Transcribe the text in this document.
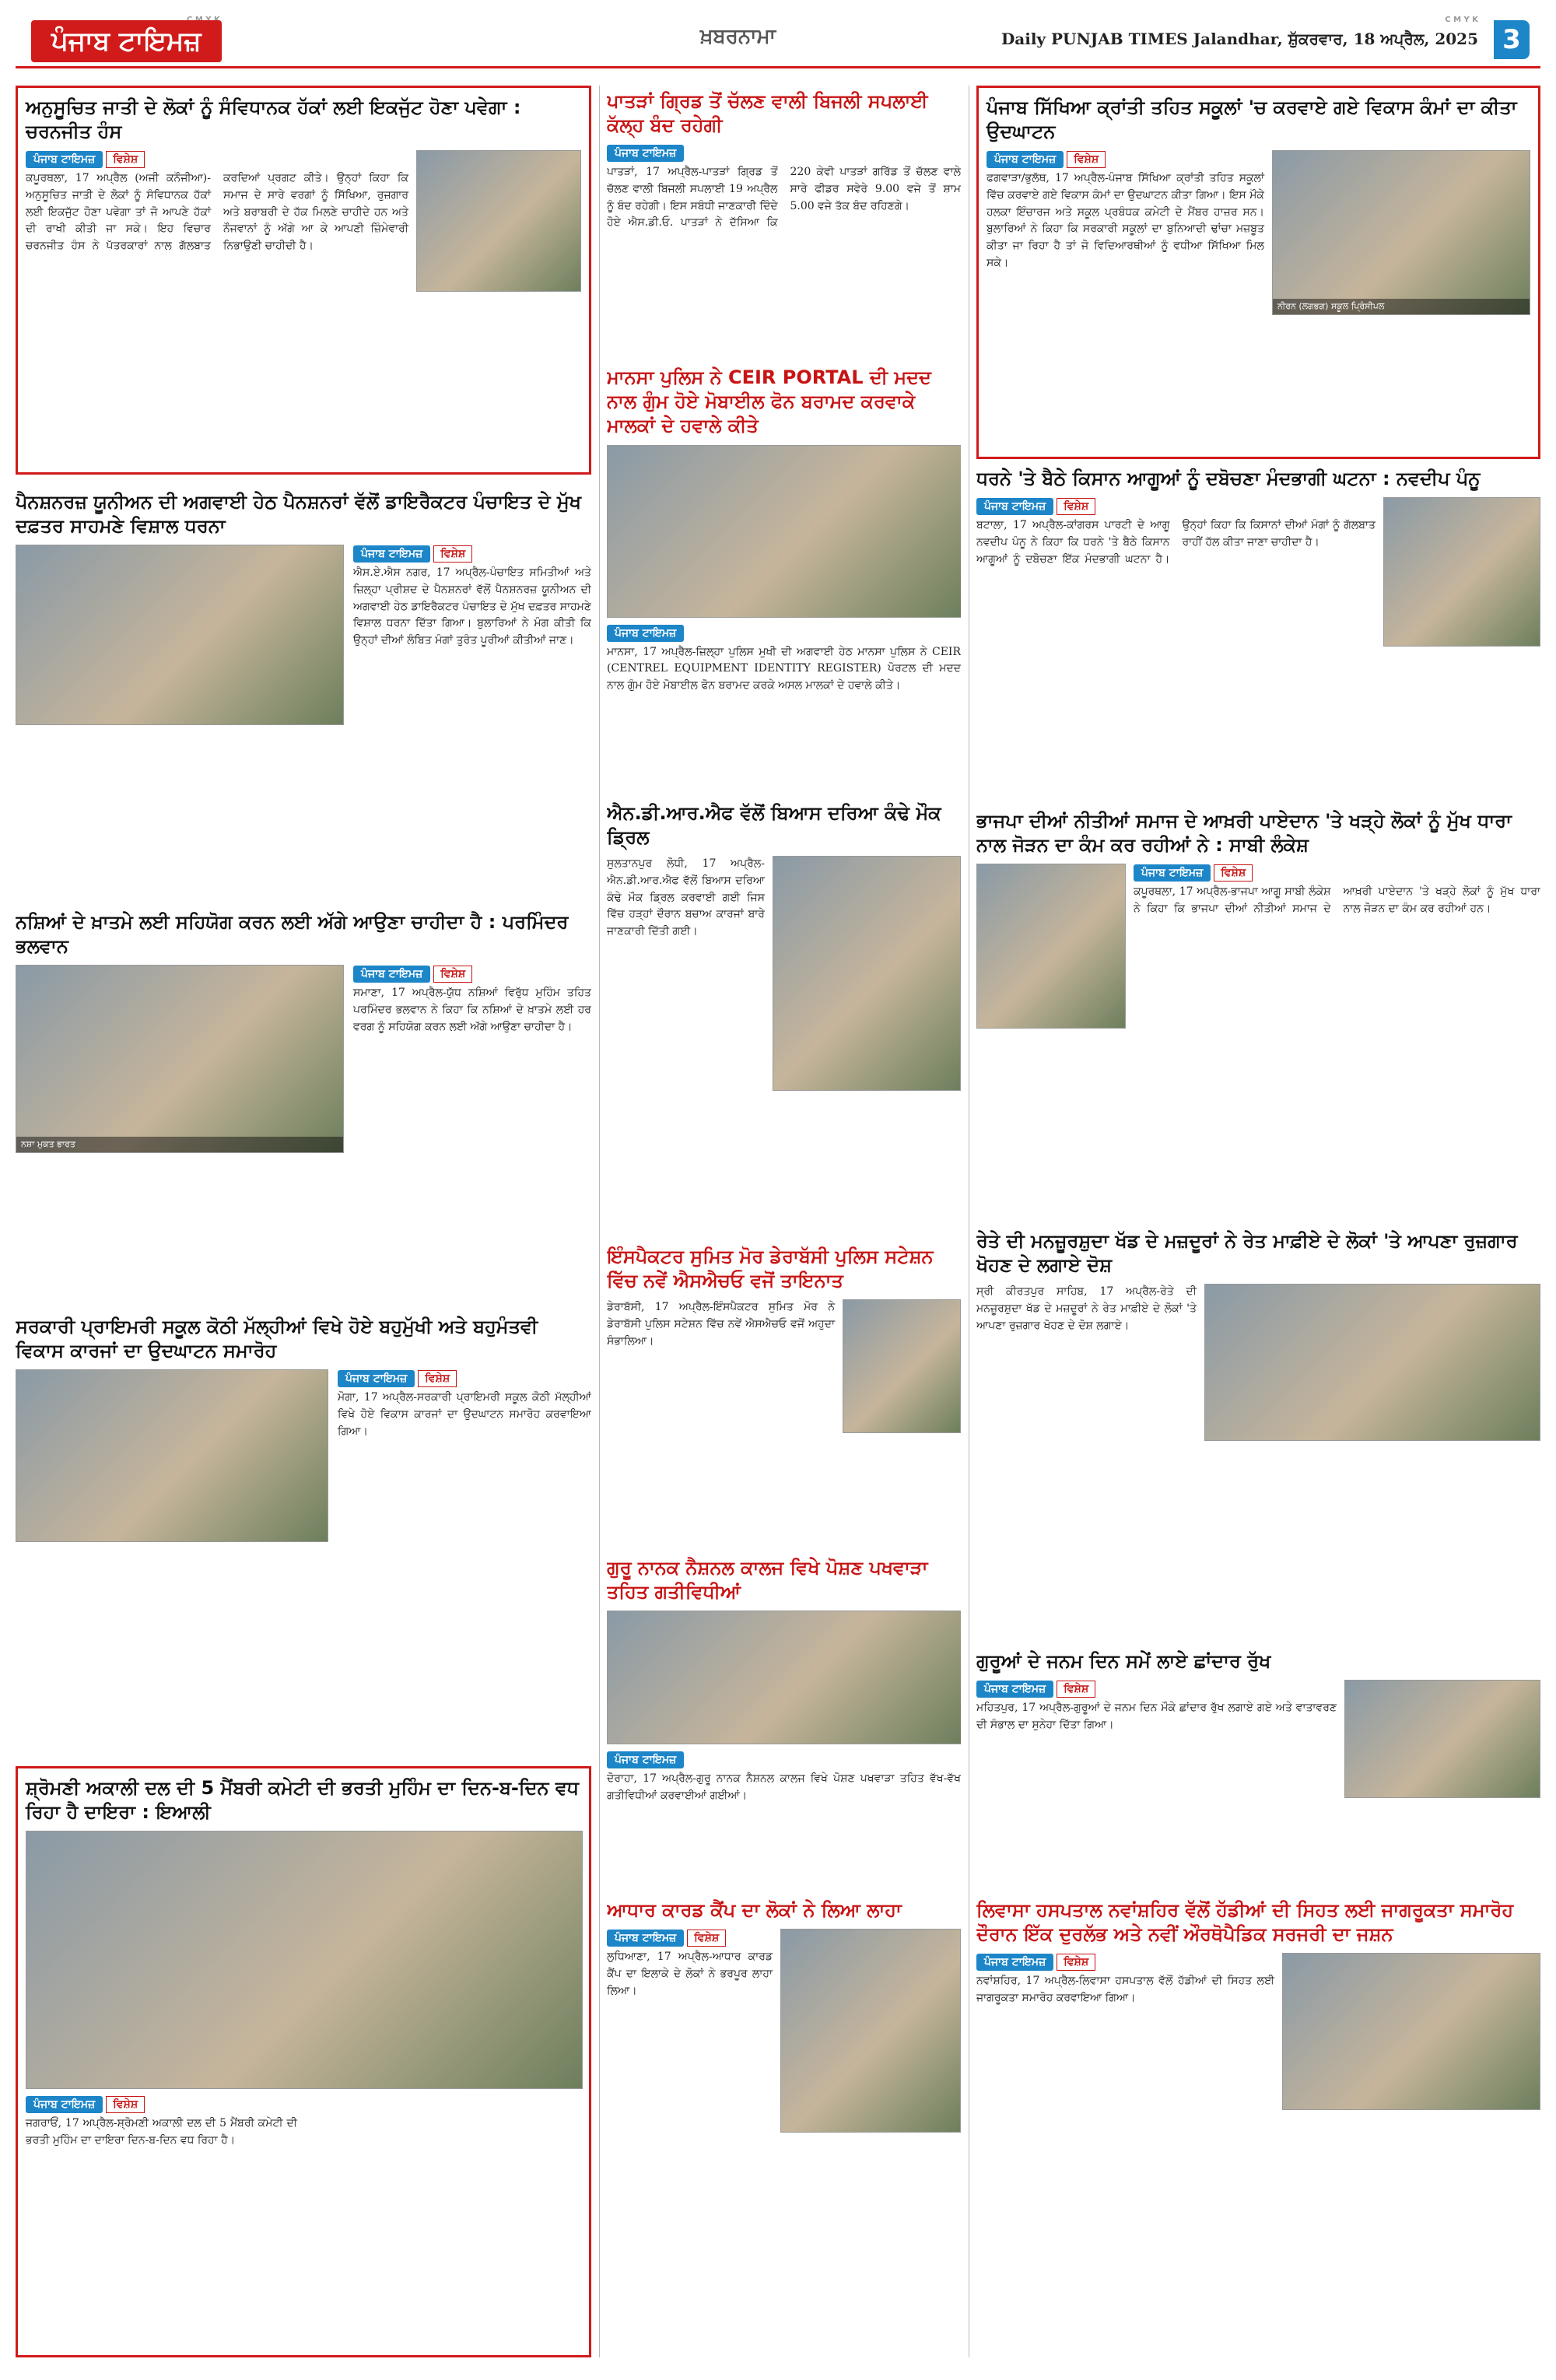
C M Y K
ਪੰਜਾਬ ਟਾਇਮਜ਼	ਖ਼ਬਰਨਾਮਾ	Daily PUNJAB TIMES Jalandhar, ਸ਼ੁੱਕਰਵਾਰ, 18 ਅਪ੍ਰੈਲ, 2025 3
ਅਨੁਸੂਚਿਤ ਜਾਤੀ ਦੇ ਲੋਕਾਂ ਨੂੰ ਸੰਵਿਧਾਨਕ ਹੱਕਾਂ ਲਈ ਇਕਜੁੱਟ ਹੋਣਾ ਪਵੇਗਾ : ਚਰਨਜੀਤ ਹੰਸ
ਪੰਜਾਬ ਟਾਇਮਜ਼ ਵਿਸ਼ੇਸ਼
ਕਪੂਰਥਲਾ, 17 ਅਪ੍ਰੈਲ (ਅਜੀ ਕਨੌਜੀਆ)-ਅਨੁਸੂਚਿਤ ਜਾਤੀ ਦੇ ਲੋਕਾਂ ਨੂੰ ਸੰਵਿਧਾਨਕ ਹੱਕਾਂ ਲਈ ਇਕਜੁੱਟ ਹੋਣਾ ਪਵੇਗਾ ਤਾਂ ਜੋ ਆਪਣੇ ਹੱਕਾਂ ਦੀ ਰਾਖੀ ਕੀਤੀ ਜਾ ਸਕੇ। ਇਹ ਵਿਚਾਰ ਚਰਨਜੀਤ ਹੰਸ ਨੇ ਪੱਤਰਕਾਰਾਂ ਨਾਲ ਗੱਲਬਾਤ ਕਰਦਿਆਂ ਪ੍ਰਗਟ ਕੀਤੇ। ਉਨ੍ਹਾਂ ਕਿਹਾ ਕਿ ਸਮਾਜ ਦੇ ਸਾਰੇ ਵਰਗਾਂ ਨੂੰ ਸਿੱਖਿਆ, ਰੁਜ਼ਗਾਰ ਅਤੇ ਬਰਾਬਰੀ ਦੇ ਹੱਕ ਮਿਲਣੇ ਚਾਹੀਦੇ ਹਨ ਅਤੇ ਨੌਜਵਾਨਾਂ ਨੂੰ ਅੱਗੇ ਆ ਕੇ ਆਪਣੀ ਜ਼ਿੰਮੇਵਾਰੀ ਨਿਭਾਉਣੀ ਚਾਹੀਦੀ ਹੈ।
ਪਾਤੜਾਂ ਗ੍ਰਿਡ ਤੋਂ ਚੱਲਣ ਵਾਲੀ ਬਿਜਲੀ ਸਪਲਾਈ ਕੱਲ੍ਹ ਬੰਦ ਰਹੇਗੀ
ਪੰਜਾਬ ਟਾਇਮਜ਼
ਪਾਤੜਾਂ, 17 ਅਪ੍ਰੈਲ-ਪਾਤੜਾਂ ਗ੍ਰਿਡ ਤੋਂ ਚੱਲਣ ਵਾਲੀ ਬਿਜਲੀ ਸਪਲਾਈ 19 ਅਪ੍ਰੈਲ ਨੂੰ ਬੰਦ ਰਹੇਗੀ। ਇਸ ਸਬੰਧੀ ਜਾਣਕਾਰੀ ਦਿੰਦੇ ਹੋਏ ਐਸ.ਡੀ.ਓ. ਪਾਤੜਾਂ ਨੇ ਦੱਸਿਆ ਕਿ 220 ਕੇਵੀ ਪਾਤੜਾਂ ਗਰਿੱਡ ਤੋਂ ਚੱਲਣ ਵਾਲੇ ਸਾਰੇ ਫੀਡਰ ਸਵੇਰੇ 9.00 ਵਜੇ ਤੋਂ ਸ਼ਾਮ 5.00 ਵਜੇ ਤੱਕ ਬੰਦ ਰਹਿਣਗੇ।
ਪੰਜਾਬ ਸਿੱਖਿਆ ਕ੍ਰਾਂਤੀ ਤਹਿਤ ਸਕੂਲਾਂ 'ਚ ਕਰਵਾਏ ਗਏ ਵਿਕਾਸ ਕੰਮਾਂ ਦਾ ਕੀਤਾ ਉਦਘਾਟਨ
ਪੰਜਾਬ ਟਾਇਮਜ਼ ਵਿਸ਼ੇਸ਼
ਨੀਰਨ (ਲਗਭਗ) ਸਕੂਲ ਪ੍ਰਿੰਸੀਪਲ
ਫਗਵਾੜਾ/ਭੁਲੱਥ, 17 ਅਪ੍ਰੈਲ-ਪੰਜਾਬ ਸਿੱਖਿਆ ਕ੍ਰਾਂਤੀ ਤਹਿਤ ਸਕੂਲਾਂ ਵਿੱਚ ਕਰਵਾਏ ਗਏ ਵਿਕਾਸ ਕੰਮਾਂ ਦਾ ਉਦਘਾਟਨ ਕੀਤਾ ਗਿਆ। ਇਸ ਮੌਕੇ ਹਲਕਾ ਇੰਚਾਰਜ ਅਤੇ ਸਕੂਲ ਪ੍ਰਬੰਧਕ ਕਮੇਟੀ ਦੇ ਮੈਂਬਰ ਹਾਜ਼ਰ ਸਨ। ਬੁਲਾਰਿਆਂ ਨੇ ਕਿਹਾ ਕਿ ਸਰਕਾਰੀ ਸਕੂਲਾਂ ਦਾ ਬੁਨਿਆਦੀ ਢਾਂਚਾ ਮਜ਼ਬੂਤ ਕੀਤਾ ਜਾ ਰਿਹਾ ਹੈ ਤਾਂ ਜੋ ਵਿਦਿਆਰਥੀਆਂ ਨੂੰ ਵਧੀਆ ਸਿੱਖਿਆ ਮਿਲ ਸਕੇ।
ਪੈਨਸ਼ਨਰਜ਼ ਯੂਨੀਅਨ ਦੀ ਅਗਵਾਈ ਹੇਠ ਪੈਨਸ਼ਨਰਾਂ ਵੱਲੋਂ ਡਾਇਰੈਕਟਰ ਪੰਚਾਇਤ ਦੇ ਮੁੱਖ ਦਫ਼ਤਰ ਸਾਹਮਣੇ ਵਿਸ਼ਾਲ ਧਰਨਾ
ਪੰਜਾਬ ਟਾਇਮਜ਼ ਵਿਸ਼ੇਸ਼
ਐਸ.ਏ.ਐਸ ਨਗਰ, 17 ਅਪ੍ਰੈਲ-ਪੰਚਾਇਤ ਸਮਿਤੀਆਂ ਅਤੇ ਜ਼ਿਲ੍ਹਾ ਪ੍ਰੀਸ਼ਦ ਦੇ ਪੈਨਸ਼ਨਰਾਂ ਵੱਲੋਂ ਪੈਨਸ਼ਨਰਜ਼ ਯੂਨੀਅਨ ਦੀ ਅਗਵਾਈ ਹੇਠ ਡਾਇਰੈਕਟਰ ਪੰਚਾਇਤ ਦੇ ਮੁੱਖ ਦਫ਼ਤਰ ਸਾਹਮਣੇ ਵਿਸ਼ਾਲ ਧਰਨਾ ਦਿੱਤਾ ਗਿਆ। ਬੁਲਾਰਿਆਂ ਨੇ ਮੰਗ ਕੀਤੀ ਕਿ ਉਨ੍ਹਾਂ ਦੀਆਂ ਲੰਬਿਤ ਮੰਗਾਂ ਤੁਰੰਤ ਪੂਰੀਆਂ ਕੀਤੀਆਂ ਜਾਣ।
ਮਾਨਸਾ ਪੁਲਿਸ ਨੇ CEIR PORTAL ਦੀ ਮਦਦ ਨਾਲ ਗੁੰਮ ਹੋਏ ਮੋਬਾਈਲ ਫੋਨ ਬਰਾਮਦ ਕਰਵਾਕੇ ਮਾਲਕਾਂ ਦੇ ਹਵਾਲੇ ਕੀਤੇ
ਪੰਜਾਬ ਟਾਇਮਜ਼
ਮਾਨਸਾ, 17 ਅਪ੍ਰੈਲ-ਜ਼ਿਲ੍ਹਾ ਪੁਲਿਸ ਮੁਖੀ ਦੀ ਅਗਵਾਈ ਹੇਠ ਮਾਨਸਾ ਪੁਲਿਸ ਨੇ CEIR (CENTREL EQUIPMENT IDENTITY REGISTER) ਪੋਰਟਲ ਦੀ ਮਦਦ ਨਾਲ ਗੁੰਮ ਹੋਏ ਮੋਬਾਈਲ ਫੋਨ ਬਰਾਮਦ ਕਰਕੇ ਅਸਲ ਮਾਲਕਾਂ ਦੇ ਹਵਾਲੇ ਕੀਤੇ।
ਧਰਨੇ 'ਤੇ ਬੈਠੇ ਕਿਸਾਨ ਆਗੂਆਂ ਨੂੰ ਦਬੋਚਣਾ ਮੰਦਭਾਗੀ ਘਟਨਾ : ਨਵਦੀਪ ਪੰਨੂ
ਪੰਜਾਬ ਟਾਇਮਜ਼ ਵਿਸ਼ੇਸ਼
ਬਟਾਲਾ, 17 ਅਪ੍ਰੈਲ-ਕਾਂਗਰਸ ਪਾਰਟੀ ਦੇ ਆਗੂ ਨਵਦੀਪ ਪੰਨੂ ਨੇ ਕਿਹਾ ਕਿ ਧਰਨੇ 'ਤੇ ਬੈਠੇ ਕਿਸਾਨ ਆਗੂਆਂ ਨੂੰ ਦਬੋਚਣਾ ਇੱਕ ਮੰਦਭਾਗੀ ਘਟਨਾ ਹੈ। ਉਨ੍ਹਾਂ ਕਿਹਾ ਕਿ ਕਿਸਾਨਾਂ ਦੀਆਂ ਮੰਗਾਂ ਨੂੰ ਗੱਲਬਾਤ ਰਾਹੀਂ ਹੱਲ ਕੀਤਾ ਜਾਣਾ ਚਾਹੀਦਾ ਹੈ।
ਐਨ.ਡੀ.ਆਰ.ਐਫ ਵੱਲੋਂ ਬਿਆਸ ਦਰਿਆ ਕੰਢੇ ਮੌਕ ਡ੍ਰਿਲ
ਸੁਲਤਾਨਪੁਰ ਲੋਧੀ, 17 ਅਪ੍ਰੈਲ-ਐਨ.ਡੀ.ਆਰ.ਐਫ ਵੱਲੋਂ ਬਿਆਸ ਦਰਿਆ ਕੰਢੇ ਮੌਕ ਡ੍ਰਿਲ ਕਰਵਾਈ ਗਈ ਜਿਸ ਵਿੱਚ ਹੜ੍ਹਾਂ ਦੌਰਾਨ ਬਚਾਅ ਕਾਰਜਾਂ ਬਾਰੇ ਜਾਣਕਾਰੀ ਦਿੱਤੀ ਗਈ।
ਭਾਜਪਾ ਦੀਆਂ ਨੀਤੀਆਂ ਸਮਾਜ ਦੇ ਆਖ਼ਰੀ ਪਾਏਦਾਨ 'ਤੇ ਖੜ੍ਹੇ ਲੋਕਾਂ ਨੂੰ ਮੁੱਖ ਧਾਰਾ ਨਾਲ ਜੋੜਨ ਦਾ ਕੰਮ ਕਰ ਰਹੀਆਂ ਨੇ : ਸਾਬੀ ਲੰਕੇਸ਼
ਪੰਜਾਬ ਟਾਇਮਜ਼ ਵਿਸ਼ੇਸ਼
ਕਪੂਰਥਲਾ, 17 ਅਪ੍ਰੈਲ-ਭਾਜਪਾ ਆਗੂ ਸਾਬੀ ਲੰਕੇਸ਼ ਨੇ ਕਿਹਾ ਕਿ ਭਾਜਪਾ ਦੀਆਂ ਨੀਤੀਆਂ ਸਮਾਜ ਦੇ ਆਖ਼ਰੀ ਪਾਏਦਾਨ 'ਤੇ ਖੜ੍ਹੇ ਲੋਕਾਂ ਨੂੰ ਮੁੱਖ ਧਾਰਾ ਨਾਲ ਜੋੜਨ ਦਾ ਕੰਮ ਕਰ ਰਹੀਆਂ ਹਨ।
ਨਸ਼ਿਆਂ ਦੇ ਖ਼ਾਤਮੇ ਲਈ ਸਹਿਯੋਗ ਕਰਨ ਲਈ ਅੱਗੇ ਆਉਣਾ ਚਾਹੀਦਾ ਹੈ : ਪਰਮਿੰਦਰ ਭਲਵਾਨ
ਨਸ਼ਾ ਮੁਕਤ ਭਾਰਤ
ਪੰਜਾਬ ਟਾਇਮਜ਼ ਵਿਸ਼ੇਸ਼
ਸਮਾਣਾ, 17 ਅਪ੍ਰੈਲ-ਯੁੱਧ ਨਸ਼ਿਆਂ ਵਿਰੁੱਧ ਮੁਹਿੰਮ ਤਹਿਤ ਪਰਮਿੰਦਰ ਭਲਵਾਨ ਨੇ ਕਿਹਾ ਕਿ ਨਸ਼ਿਆਂ ਦੇ ਖ਼ਾਤਮੇ ਲਈ ਹਰ ਵਰਗ ਨੂੰ ਸਹਿਯੋਗ ਕਰਨ ਲਈ ਅੱਗੇ ਆਉਣਾ ਚਾਹੀਦਾ ਹੈ।
ਇੰਸਪੈਕਟਰ ਸੁਮਿਤ ਮੋਰ ਡੇਰਾਬੱਸੀ ਪੁਲਿਸ ਸਟੇਸ਼ਨ ਵਿੱਚ ਨਵੇਂ ਐਸਐਚਓ ਵਜੋਂ ਤਾਇਨਾਤ
ਡੇਰਾਬੱਸੀ, 17 ਅਪ੍ਰੈਲ-ਇੰਸਪੈਕਟਰ ਸੁਮਿਤ ਮੋਰ ਨੇ ਡੇਰਾਬੱਸੀ ਪੁਲਿਸ ਸਟੇਸ਼ਨ ਵਿੱਚ ਨਵੇਂ ਐਸਐਚਓ ਵਜੋਂ ਅਹੁਦਾ ਸੰਭਾਲਿਆ।
ਰੇਤੇ ਦੀ ਮਨਜ਼ੂਰਸ਼ੁਦਾ ਖੱਡ ਦੇ ਮਜ਼ਦੂਰਾਂ ਨੇ ਰੇਤ ਮਾਫ਼ੀਏ ਦੇ ਲੋਕਾਂ 'ਤੇ ਆਪਣਾ ਰੁਜ਼ਗਾਰ ਖੋਹਣ ਦੇ ਲਗਾਏ ਦੋਸ਼
ਸ੍ਰੀ ਕੀਰਤਪੁਰ ਸਾਹਿਬ, 17 ਅਪ੍ਰੈਲ-ਰੇਤੇ ਦੀ ਮਨਜ਼ੂਰਸ਼ੁਦਾ ਖੱਡ ਦੇ ਮਜ਼ਦੂਰਾਂ ਨੇ ਰੇਤ ਮਾਫ਼ੀਏ ਦੇ ਲੋਕਾਂ 'ਤੇ ਆਪਣਾ ਰੁਜ਼ਗਾਰ ਖੋਹਣ ਦੇ ਦੋਸ਼ ਲਗਾਏ।
ਸਰਕਾਰੀ ਪ੍ਰਾਇਮਰੀ ਸਕੂਲ ਕੋਠੀ ਮੱਲ੍ਹੀਆਂ ਵਿਖੇ ਹੋਏ ਬਹੁਮੁੱਖੀ ਅਤੇ ਬਹੁਮੰਤਵੀ ਵਿਕਾਸ ਕਾਰਜਾਂ ਦਾ ਉਦਘਾਟਨ ਸਮਾਰੋਹ
ਪੰਜਾਬ ਟਾਇਮਜ਼ ਵਿਸ਼ੇਸ਼
ਮੋਗਾ, 17 ਅਪ੍ਰੈਲ-ਸਰਕਾਰੀ ਪ੍ਰਾਇਮਰੀ ਸਕੂਲ ਕੋਠੀ ਮੱਲ੍ਹੀਆਂ ਵਿਖੇ ਹੋਏ ਵਿਕਾਸ ਕਾਰਜਾਂ ਦਾ ਉਦਘਾਟਨ ਸਮਾਰੋਹ ਕਰਵਾਇਆ ਗਿਆ।
ਗੁਰੂ ਨਾਨਕ ਨੈਸ਼ਨਲ ਕਾਲਜ ਵਿਖੇ ਪੋਸ਼ਣ ਪਖਵਾੜਾ ਤਹਿਤ ਗਤੀਵਿਧੀਆਂ
ਪੰਜਾਬ ਟਾਇਮਜ਼
ਦੋਰਾਹਾ, 17 ਅਪ੍ਰੈਲ-ਗੁਰੂ ਨਾਨਕ ਨੈਸ਼ਨਲ ਕਾਲਜ ਵਿਖੇ ਪੋਸ਼ਣ ਪਖਵਾੜਾ ਤਹਿਤ ਵੱਖ-ਵੱਖ ਗਤੀਵਿਧੀਆਂ ਕਰਵਾਈਆਂ ਗਈਆਂ।
ਗੁਰੂਆਂ ਦੇ ਜਨਮ ਦਿਨ ਸਮੇਂ ਲਾਏ ਛਾਂਦਾਰ ਰੁੱਖ
ਪੰਜਾਬ ਟਾਇਮਜ਼ ਵਿਸ਼ੇਸ਼
ਮਹਿਤਪੁਰ, 17 ਅਪ੍ਰੈਲ-ਗੁਰੂਆਂ ਦੇ ਜਨਮ ਦਿਨ ਮੌਕੇ ਛਾਂਦਾਰ ਰੁੱਖ ਲਗਾਏ ਗਏ ਅਤੇ ਵਾਤਾਵਰਣ ਦੀ ਸੰਭਾਲ ਦਾ ਸੁਨੇਹਾ ਦਿੱਤਾ ਗਿਆ।
ਲਿਵਾਸਾ ਹਸਪਤਾਲ ਨਵਾਂਸ਼ਹਿਰ ਵੱਲੋਂ ਹੱਡੀਆਂ ਦੀ ਸਿਹਤ ਲਈ ਜਾਗਰੂਕਤਾ ਸਮਾਰੋਹ ਦੌਰਾਨ ਇੱਕ ਦੁਰਲੱਭ ਅਤੇ ਨਵੀਂ ਔਰਥੋਪੈਡਿਕ ਸਰਜਰੀ ਦਾ ਜਸ਼ਨ
ਪੰਜਾਬ ਟਾਇਮਜ਼ ਵਿਸ਼ੇਸ਼
ਨਵਾਂਸ਼ਹਿਰ, 17 ਅਪ੍ਰੈਲ-ਲਿਵਾਸਾ ਹਸਪਤਾਲ ਵੱਲੋਂ ਹੱਡੀਆਂ ਦੀ ਸਿਹਤ ਲਈ ਜਾਗਰੂਕਤਾ ਸਮਾਰੋਹ ਕਰਵਾਇਆ ਗਿਆ।
ਸ਼੍ਰੋਮਣੀ ਅਕਾਲੀ ਦਲ ਦੀ 5 ਮੈਂਬਰੀ ਕਮੇਟੀ ਦੀ ਭਰਤੀ ਮੁਹਿੰਮ ਦਾ ਦਿਨ-ਬ-ਦਿਨ ਵਧ ਰਿਹਾ ਹੈ ਦਾਇਰਾ : ਇਆਲੀ
ਪੰਜਾਬ ਟਾਇਮਜ਼ ਵਿਸ਼ੇਸ਼
ਜਗਰਾਓਂ, 17 ਅਪ੍ਰੈਲ-ਸ਼੍ਰੋਮਣੀ ਅਕਾਲੀ ਦਲ ਦੀ 5 ਮੈਂਬਰੀ ਕਮੇਟੀ ਦੀ ਭਰਤੀ ਮੁਹਿੰਮ ਦਾ ਦਾਇਰਾ ਦਿਨ-ਬ-ਦਿਨ ਵਧ ਰਿਹਾ ਹੈ।
ਆਧਾਰ ਕਾਰਡ ਕੈਂਪ ਦਾ ਲੋਕਾਂ ਨੇ ਲਿਆ ਲਾਹਾ
ਪੰਜਾਬ ਟਾਇਮਜ਼ ਵਿਸ਼ੇਸ਼
ਲੁਧਿਆਣਾ, 17 ਅਪ੍ਰੈਲ-ਆਧਾਰ ਕਾਰਡ ਕੈਂਪ ਦਾ ਇਲਾਕੇ ਦੇ ਲੋਕਾਂ ਨੇ ਭਰਪੂਰ ਲਾਹਾ ਲਿਆ।
